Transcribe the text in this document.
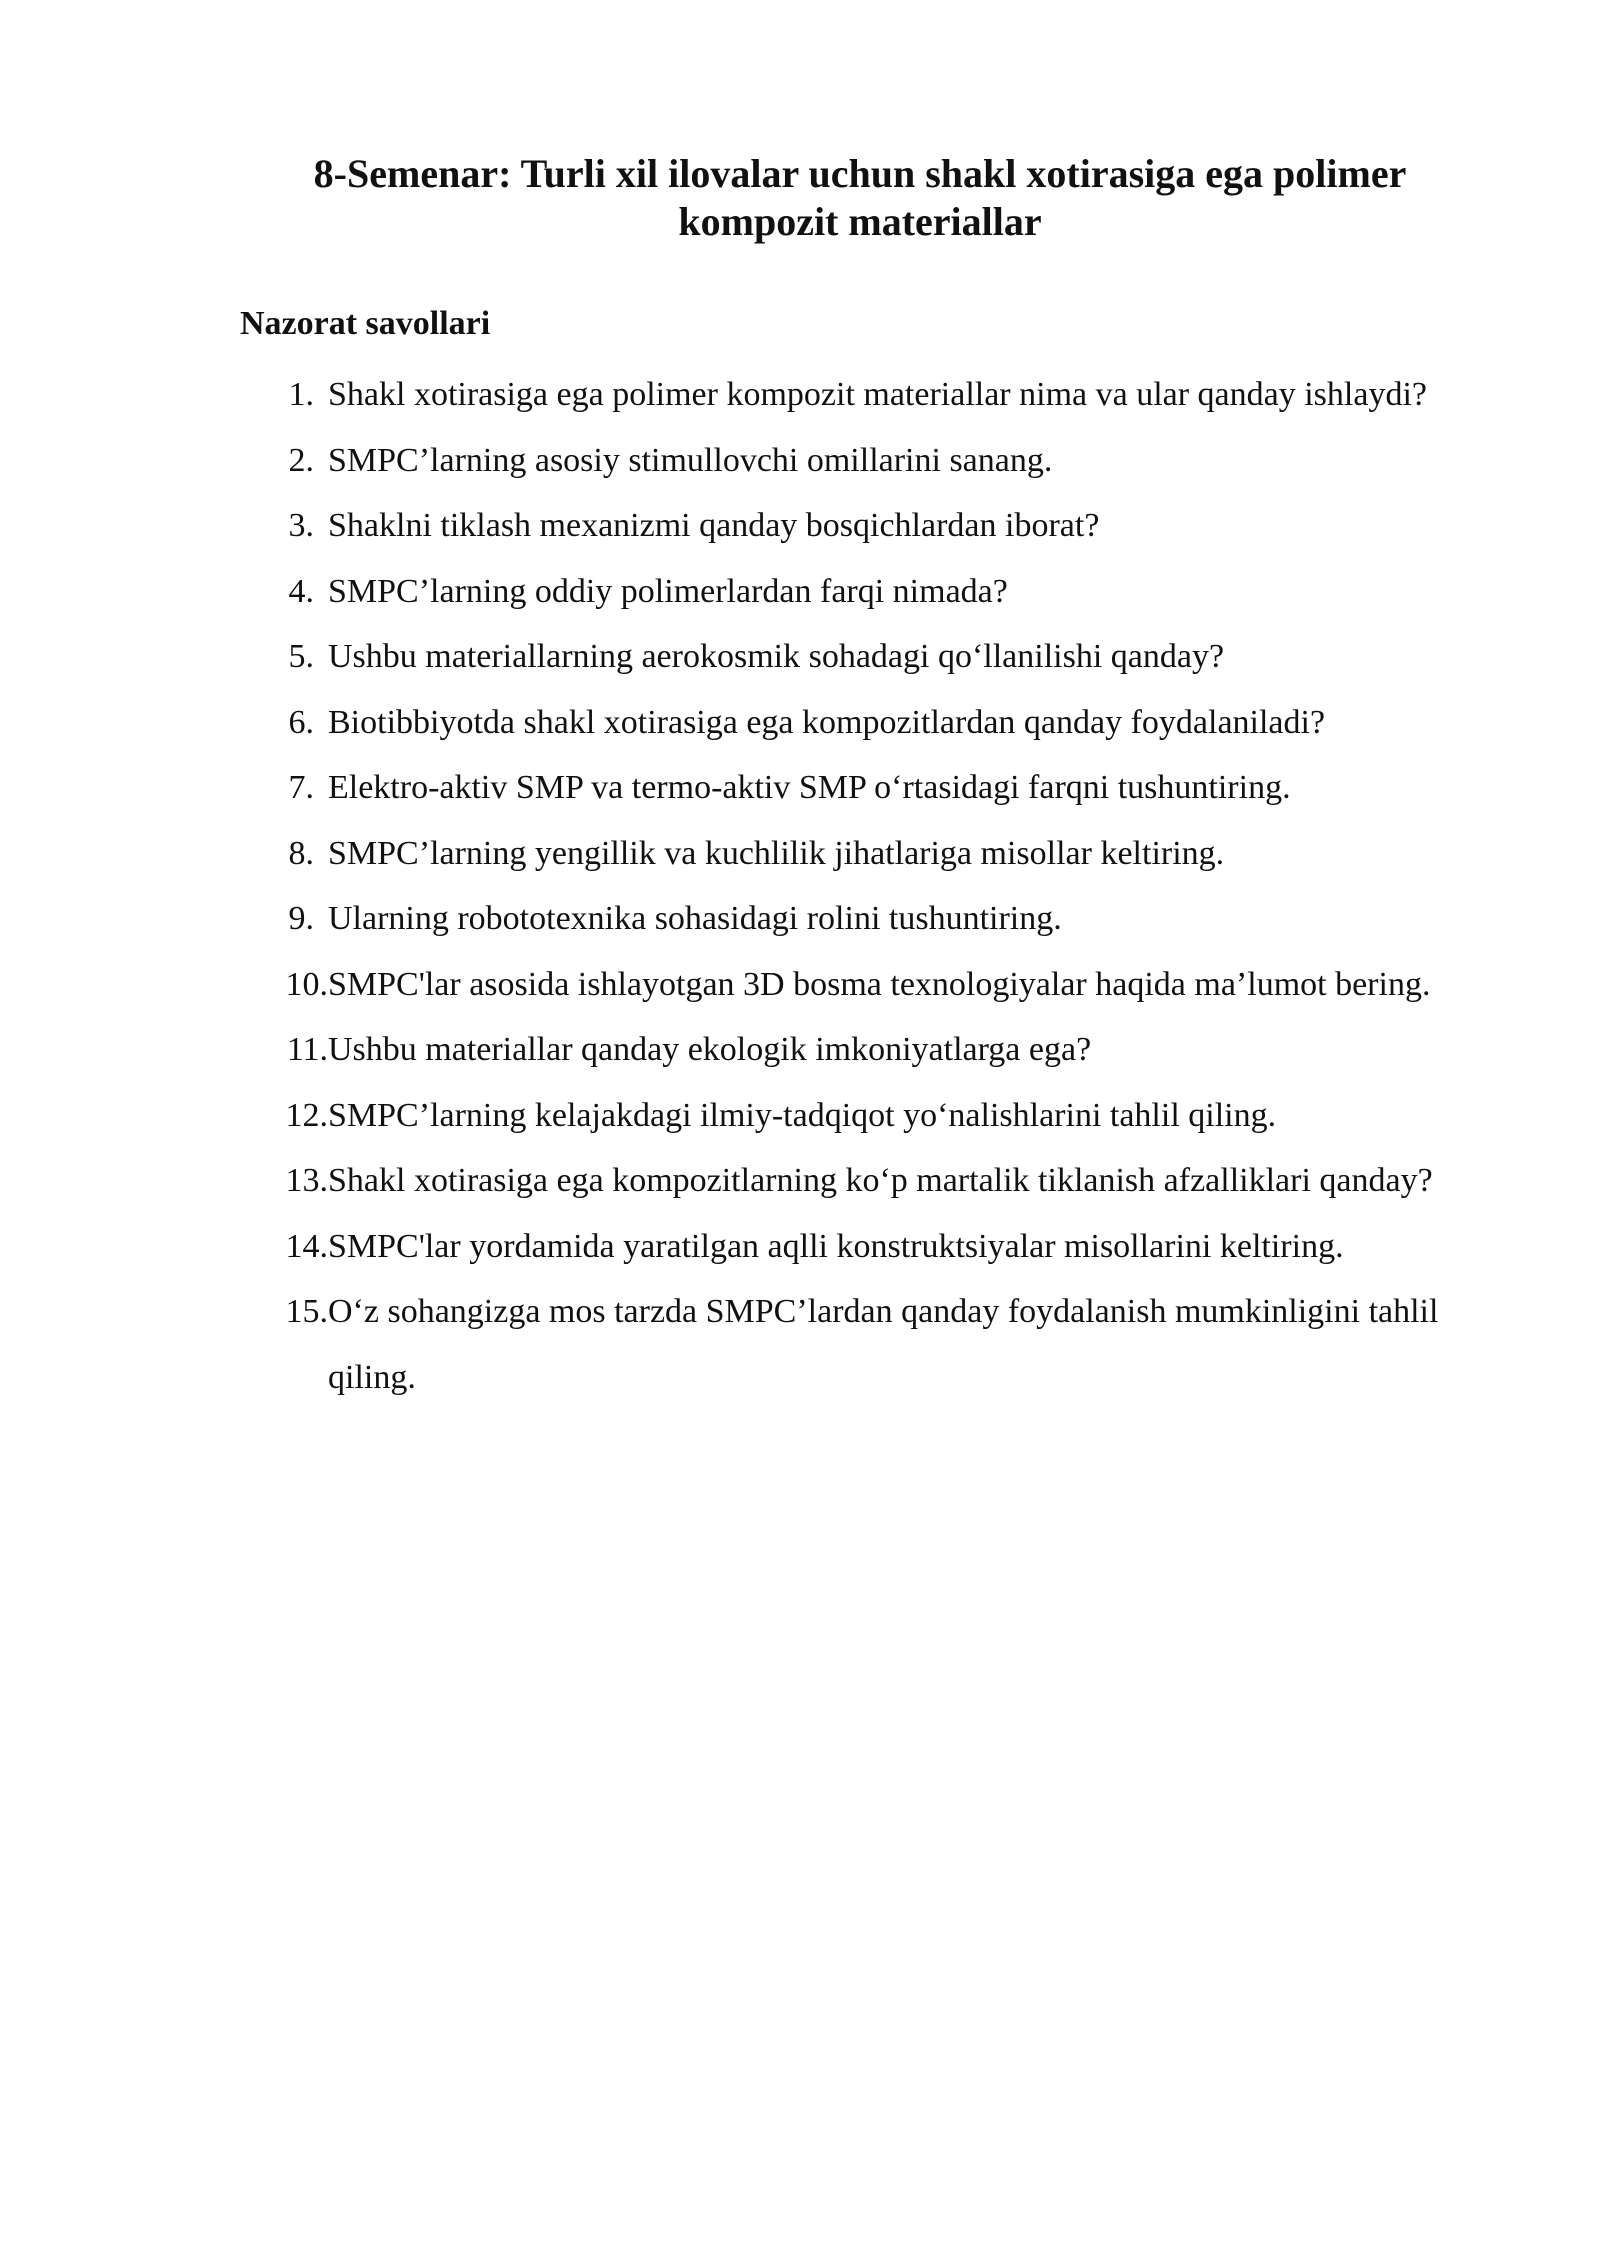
8-Semenar: Turli xil ilovalar uchun shakl xotirasiga ega polimer kompozit materiallar
Nazorat savollari
1. Shakl xotirasiga ega polimer kompozit materiallar nima va ular qanday ishlaydi?
2. SMPC’larning asosiy stimullovchi omillarini sanang.
3. Shaklni tiklash mexanizmi qanday bosqichlardan iborat?
4. SMPC’larning oddiy polimerlardan farqi nimada?
5. Ushbu materiallarning aerokosmik sohadagi qo‘llanilishi qanday?
6. Biotibbiyotda shakl xotirasiga ega kompozitlardan qanday foydalaniladi?
7. Elektro-aktiv SMP va termo-aktiv SMP o‘rtasidagi farqni tushuntiring.
8. SMPC’larning yengillik va kuchlilik jihatlariga misollar keltiring.
9. Ularning robototexnika sohasidagi rolini tushuntiring.
10. SMPC'lar asosida ishlayotgan 3D bosma texnologiyalar haqida ma’lumot bering.
11. Ushbu materiallar qanday ekologik imkoniyatlarga ega?
12. SMPC’larning kelajakdagi ilmiy-tadqiqot yo‘nalishlarini tahlil qiling.
13. Shakl xotirasiga ega kompozitlarning ko‘p martalik tiklanish afzalliklari qanday?
14. SMPC'lar yordamida yaratilgan aqlli konstruktsiyalar misollarini keltiring.
15. O‘z sohangizga mos tarzda SMPC’lardan qanday foydalanish mumkinligini tahlil qiling.
